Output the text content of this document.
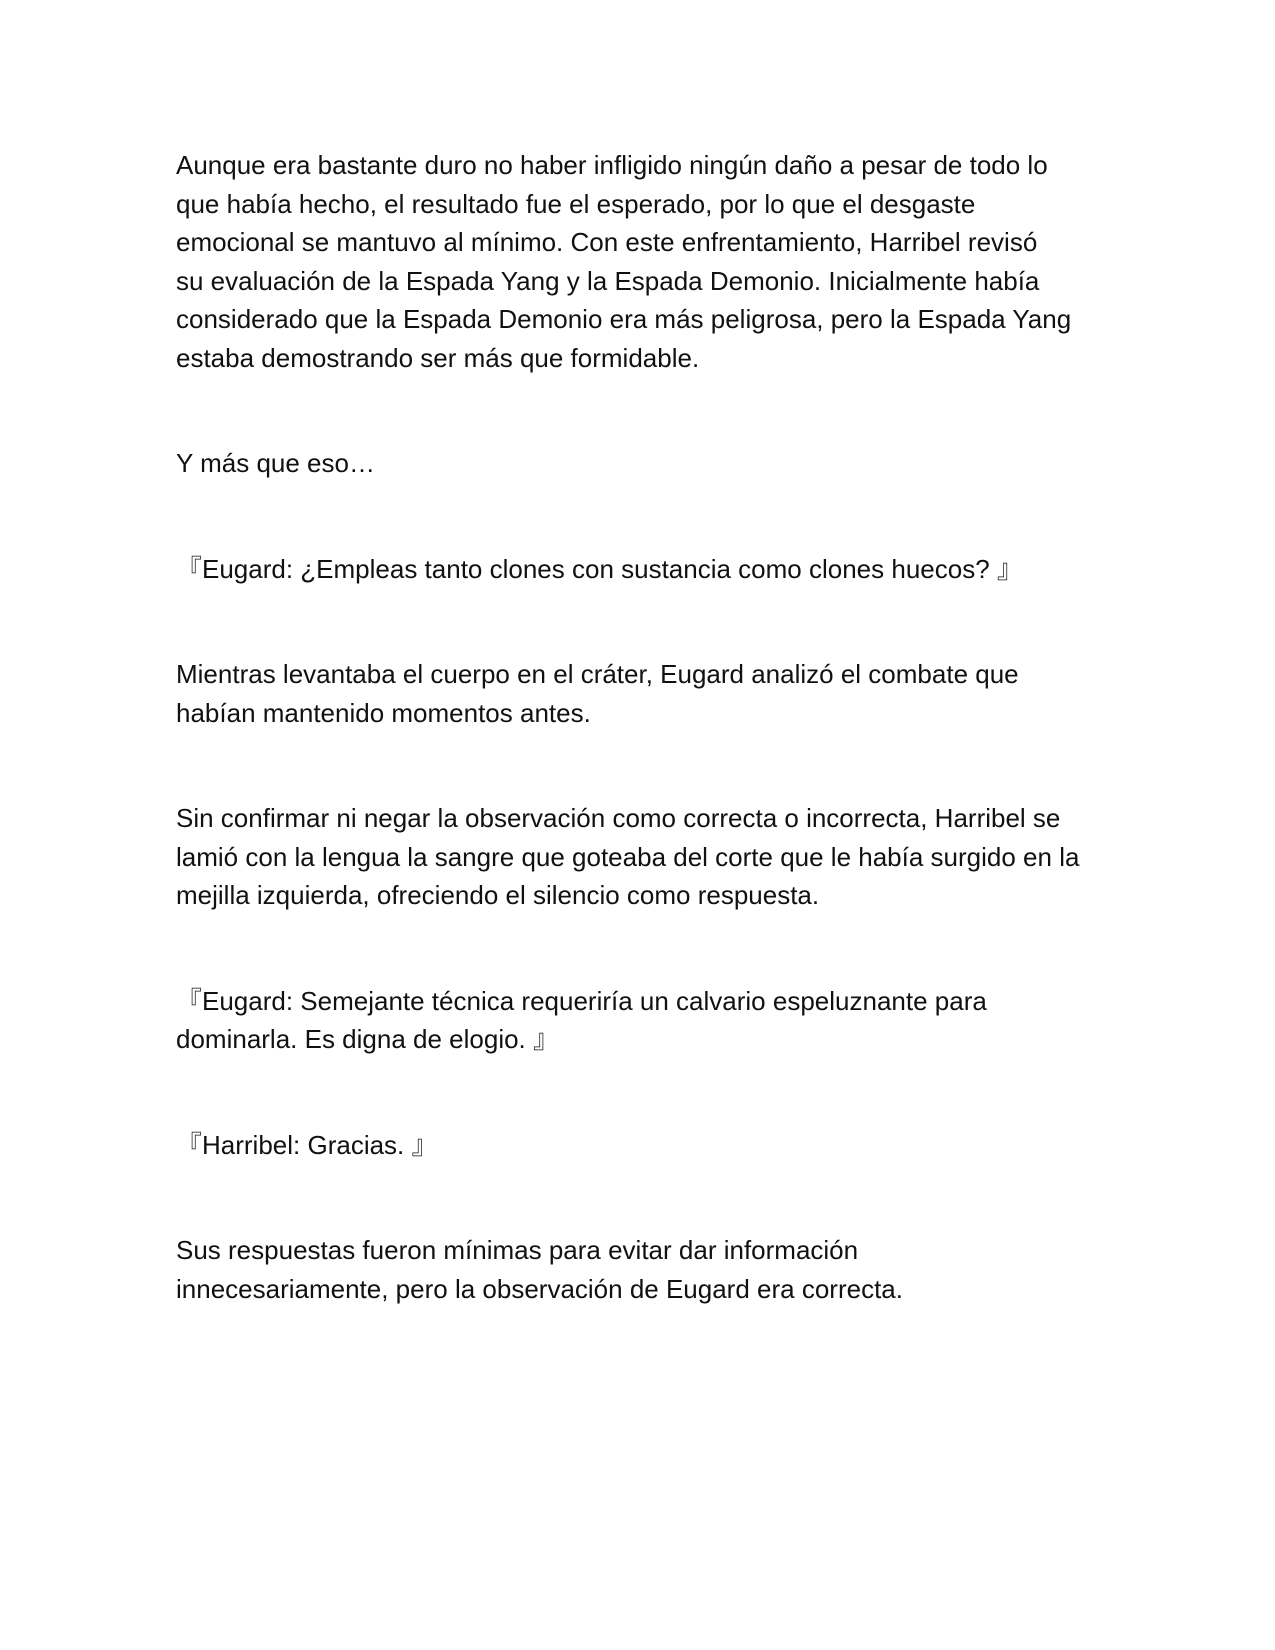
Aunque era bastante duro no haber infligido ningún daño a pesar de todo lo
que había hecho, el resultado fue el esperado, por lo que el desgaste
emocional se mantuvo al mínimo. Con este enfrentamiento, Harribel revisó
su evaluación de la Espada Yang y la Espada Demonio. Inicialmente había
considerado que la Espada Demonio era más peligrosa, pero la Espada Yang
estaba demostrando ser más que formidable.

Y más que eso…

『Eugard: ¿Empleas tanto clones con sustancia como clones huecos? 』

Mientras levantaba el cuerpo en el cráter, Eugard analizó el combate que
habían mantenido momentos antes.

Sin confirmar ni negar la observación como correcta o incorrecta, Harribel se
lamió con la lengua la sangre que goteaba del corte que le había surgido en la
mejilla izquierda, ofreciendo el silencio como respuesta.

『Eugard: Semejante técnica requeriría un calvario espeluznante para
dominarla. Es digna de elogio. 』

『Harribel: Gracias. 』

Sus respuestas fueron mínimas para evitar dar información
innecesariamente, pero la observación de Eugard era correcta.
